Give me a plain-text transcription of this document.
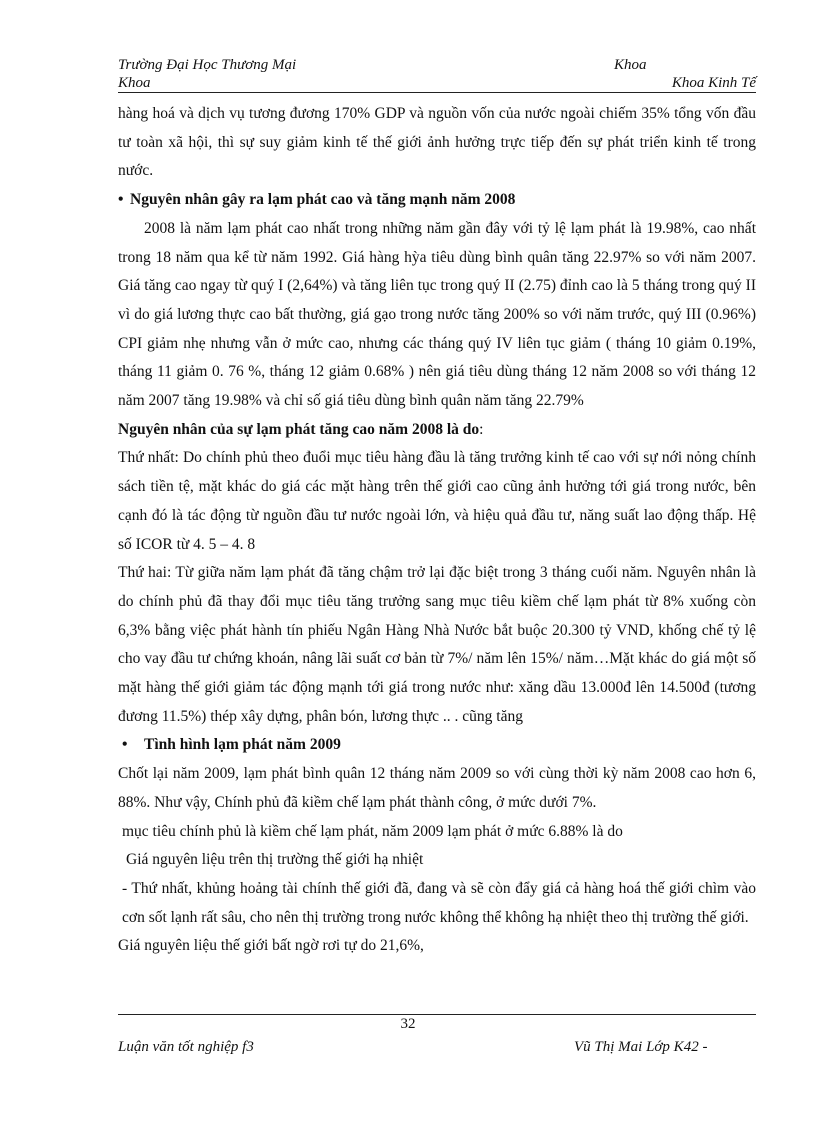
Trường Đại Học Thương Mại	Khoa
Khoa	Khoa Kinh Tế

hàng hoá và dịch vụ tương đương 170% GDP và nguồn vốn của nước ngoài chiếm 35% tổng vốn đầu tư toàn xã hội, thì sự suy giảm kinh tế thế giới ảnh hưởng trực tiếp đến sự phát triển kinh tế trong nước.

• Nguyên nhân gây ra lạm phát cao và tăng mạnh năm 2008

2008 là năm lạm phát cao nhất trong những năm gần đây với tỷ lệ lạm phát là 19.98%, cao nhất trong 18 năm qua kể từ năm 1992. Giá hàng hỳa tiêu dùng bình quân tăng 22.97% so với năm 2007. Giá tăng cao ngay từ quý I (2,64%) và tăng liên tục trong quý II (2.75) đỉnh cao là 5 tháng trong quý II vì do giá lương thực cao bất thường, giá gạo trong nước tăng 200% so với năm trước, quý III (0.96%) CPI giảm nhẹ nhưng vẫn ở mức cao, nhưng các tháng quý IV liên tục giảm ( tháng 10 giảm 0.19%, tháng 11 giảm 0. 76 %, tháng 12 giảm 0.68% ) nên giá tiêu dùng tháng 12 năm 2008 so với tháng 12 năm 2007 tăng 19.98% và chỉ số giá tiêu dùng bình quân năm tăng 22.79%

Nguyên nhân của sự lạm phát tăng cao năm 2008 là do:

Thứ nhất: Do chính phủ theo đuổi mục tiêu hàng đầu là tăng trưởng kinh tế cao với sự nới nỏng chính sách tiền tệ, mặt khác do giá các mặt hàng trên thế giới cao cũng ảnh hưởng tới giá trong nước, bên cạnh đó là tác động từ nguồn đầu tư nước ngoài lớn, và hiệu quả đầu tư, năng suất lao động thấp. Hệ số ICOR từ 4. 5 – 4. 8

Thứ hai: Từ giữa năm lạm phát đã tăng chậm trở lại đặc biệt trong 3 tháng cuối năm. Nguyên nhân là do chính phủ đã thay đổi mục tiêu tăng trưởng sang mục tiêu kiềm chế lạm phát từ 8% xuống còn 6,3% bằng việc phát hành tín phiếu Ngân Hàng Nhà Nước bắt buộc 20.300 tỷ VND, khống chế tỷ lệ cho vay đầu tư chứng khoán, nâng lãi suất cơ bản từ 7%/ năm lên 15%/ năm…Mặt khác do giá một số mặt hàng thế giới giảm tác động mạnh tới giá trong nước như: xăng dầu 13.000đ lên 14.500đ (tương đương 11.5%) thép xây dựng, phân bón, lương thực .. . cũng tăng

• Tình hình lạm phát năm 2009

Chốt lại năm 2009, lạm phát bình quân 12 tháng năm 2009 so với cùng thời kỳ năm 2008 cao hơn 6, 88%. Như vậy, Chính phủ đã kiềm chế lạm phát thành công, ở mức dưới 7%.

mục tiêu chính phủ là kiềm chế lạm phát, năm 2009 lạm phát ở mức 6.88% là do

Giá nguyên liệu trên thị trường thế giới hạ nhiệt

- Thứ nhất, khủng hoảng tài chính thế giới đã, đang và sẽ còn đẩy giá cả hàng hoá thế giới chìm vào cơn sốt lạnh rất sâu, cho nên thị trường trong nước không thể không hạ nhiệt theo thị trường thế giới.

Giá nguyên liệu thế giới bất ngờ rơi tự do 21,6%,

32
Luận văn tốt nghiệp f3	Vũ Thị Mai Lớp K42 -
